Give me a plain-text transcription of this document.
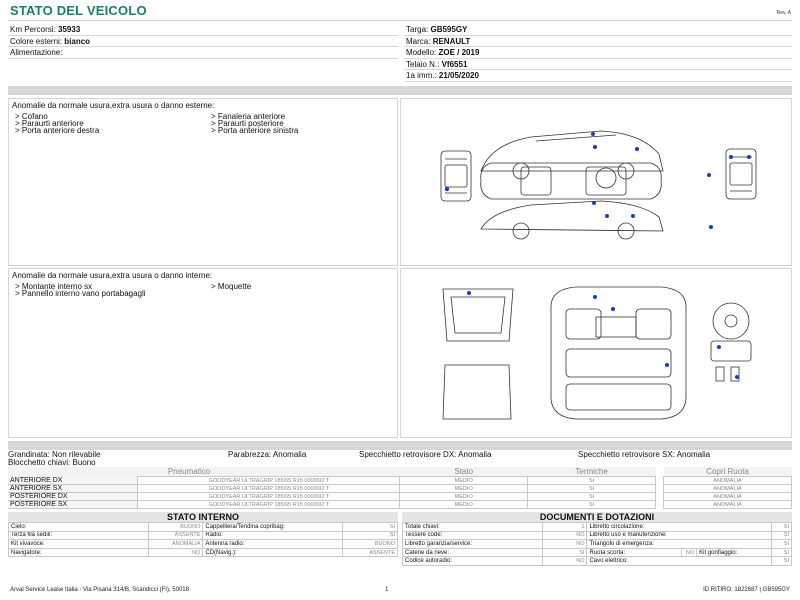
STATO DEL VEICOLO	Rev. A
Km Percorsi: 35933
Colore esterni: bianco
Alimentazione:
Targa: GB595GY
Marca: RENAULT
Modello: ZOE / 2019
Telaio N.: Vf6551
1a imm.: 21/05/2020
Anomalie da normale usura,extra usura o danno esterne:
> Cofano	> Fanaleria anteriore
> Paraurti anteriore	> Paraurti posteriore
> Porta anteriore destra	> Porta anteriore sinistra
Anomalie da normale usura,extra usura o danno interne:
> Montante interno sx	> Moquette
> Pannello interno vano portabagagli
Grandinata: Non rilevabile	Parabrezza: Anomalia	Specchietto retrovisore DX: Anomalia	Specchietto retrovisore SX: Anomalia
Blocchetto chiavi: Buono
	Pneumatico	Stato	Termiche		Copri Ruota
ANTERIORE DX	GOODYEAR ULTRAGRIP 185/65 R15 000/092 T	MEDIO	SI		ANOMALIA
ANTERIORE SX	GOODYEAR ULTRAGRIP 185/65 R15 000/092 T	MEDIO	SI		ANOMALIA
POSTERIORE DX	GOODYEAR ULTRAGRIP 185/65 R15 000/092 T	MEDIO	SI		ANOMALIA
POSTERIORE SX	GOODYEAR ULTRAGRIP 185/65 R15 000/092 T	MEDIO	SI		ANOMALIA
STATO INTERNO
Cielo:	BUONO	Cappelliera/Tendina copribag:	SI
Terza fila sedili:	ASSENTE	Radio:	SI
Kit vivavoce:	ANOMALIA	Antenna radio:	BUONO
Navigatore:	NO	CD(Navig.):	ASSENTE
DOCUMENTI E DOTAZIONI
Totale chiavi:	1	Libretto circolazione:			SI
Tessere code:	NO	Libretto uso e manutenzione:			SI
Libretto garanzia/service:	NO	Triangolo di emergenza:			SI
Catene da neve:	SI	Ruota scorta:	NO	Kit gonfiaggio:	SI
Codice autoradio:	NO	Cavo elettrico:			SI
Arval Service Lease Italia - Via Pisana 314/B, Scandicci (FI), 50018	1	ID RITIRO: 1822687 | GB595GY
